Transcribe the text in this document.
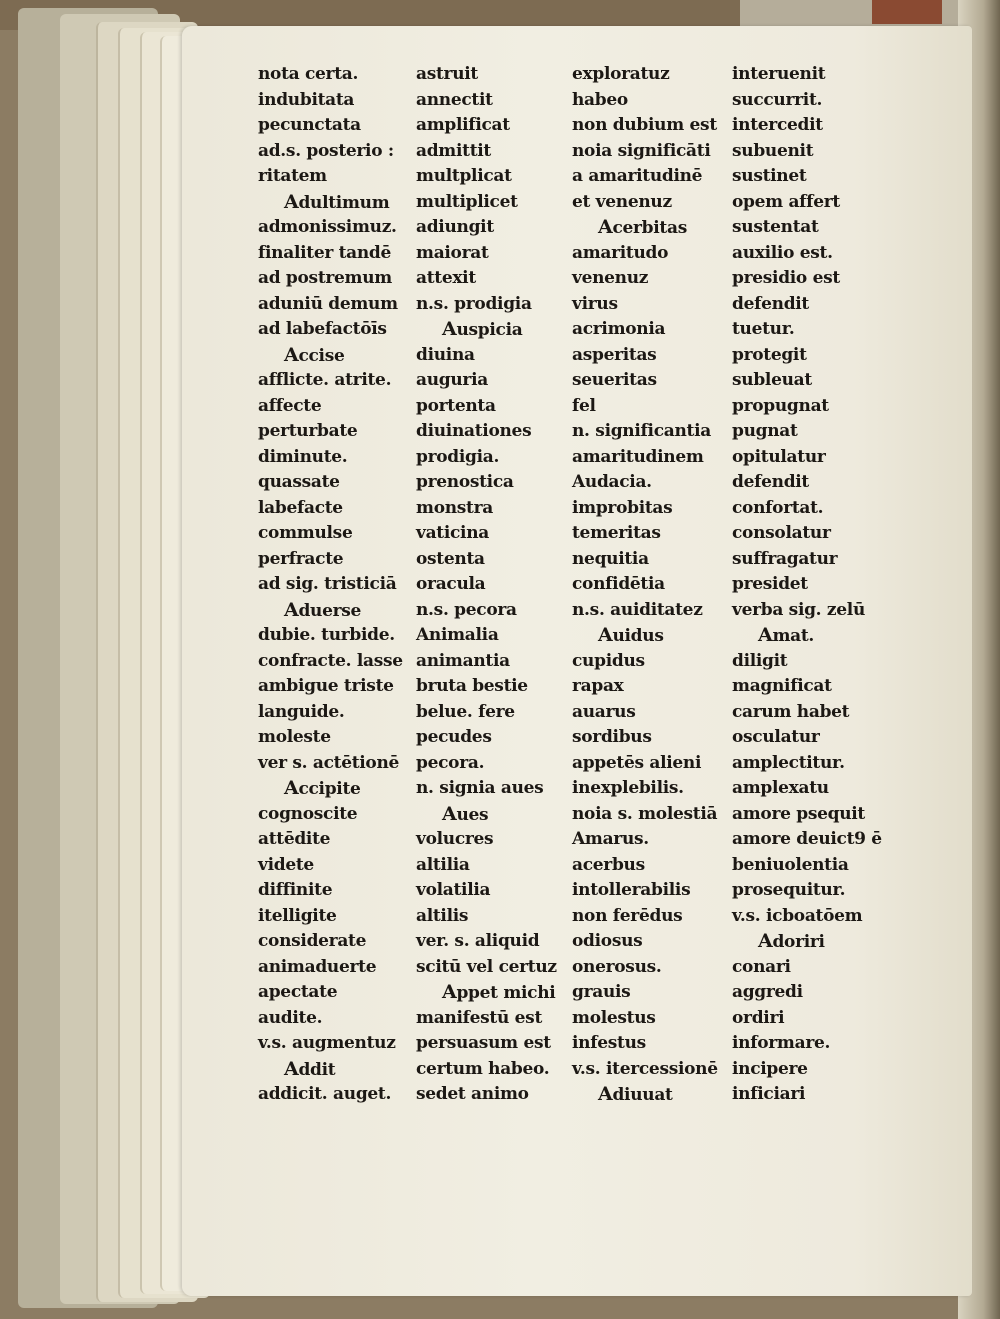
nota certa.
indubitata
pecunctata
ad.s. posterio :
ritatem
Adultimum
admonissimuz.
finaliter tandē
ad postremum
aduniū demum
ad labefactōīs
Accise
afflicte. atrite.
affecte
perturbate
diminute.
quassate
labefacte
commulse
perfracte
ad sig. tristiciā
Aduerse
dubie. turbide.
confracte. lasse
ambigue triste
languide.
moleste
ver s. actētionē
Accipite
cognoscite
attēdite
videte
diffinite
itelligite
considerate
animaduerte
apectate
audite.
v.s. augmentuz
Addit
addicit. auget.
astruit
annectit
amplificat
admittit
multplicat
multiplicet
adiungit
maiorat
attexit
n.s. prodigia
Auspicia
diuina
auguria
portenta
diuinationes
prodigia.
prenostica
monstra
vaticina
ostenta
oracula
n.s. pecora
Animalia
animantia
bruta bestie
belue. fere
pecudes
pecora.
n. signia aues
Aues
volucres
altilia
volatilia
altilis
ver. s. aliquid
scitū vel certuz
Appet michi
manifestū est
persuasum est
certum habeo.
sedet animo
exploratuz
habeo
non dubium est
noia significāti
a amaritudinē
et venenuz
Acerbitas
amaritudo
venenuz
virus
acrimonia
asperitas
seueritas
fel
n. significantia
amaritudinem
Audacia.
improbitas
temeritas
nequitia
confidētia
n.s. auiditatez
Auidus
cupidus
rapax
auarus
sordibus
appetēs alieni
inexplebilis.
noia s. molestiā
Amarus.
acerbus
intollerabilis
non ferēdus
odiosus
onerosus.
grauis
molestus
infestus
v.s. itercessionē
Adiuuat
interuenit
succurrit.
intercedit
subuenit
sustinet
opem affert
sustentat
auxilio est.
presidio est
defendit
tuetur.
protegit
subleuat
propugnat
pugnat
opitulatur
defendit
confortat.
consolatur
suffragatur
presidet
verba sig. zelū
Amat.
diligit
magnificat
carum habet
osculatur
amplectitur.
amplexatu
amore psequit
amore deuict9 ē
beniuolentia
prosequitur.
v.s. icboatōem
Adoriri
conari
aggredi
ordiri
informare.
incipere
inficiari
